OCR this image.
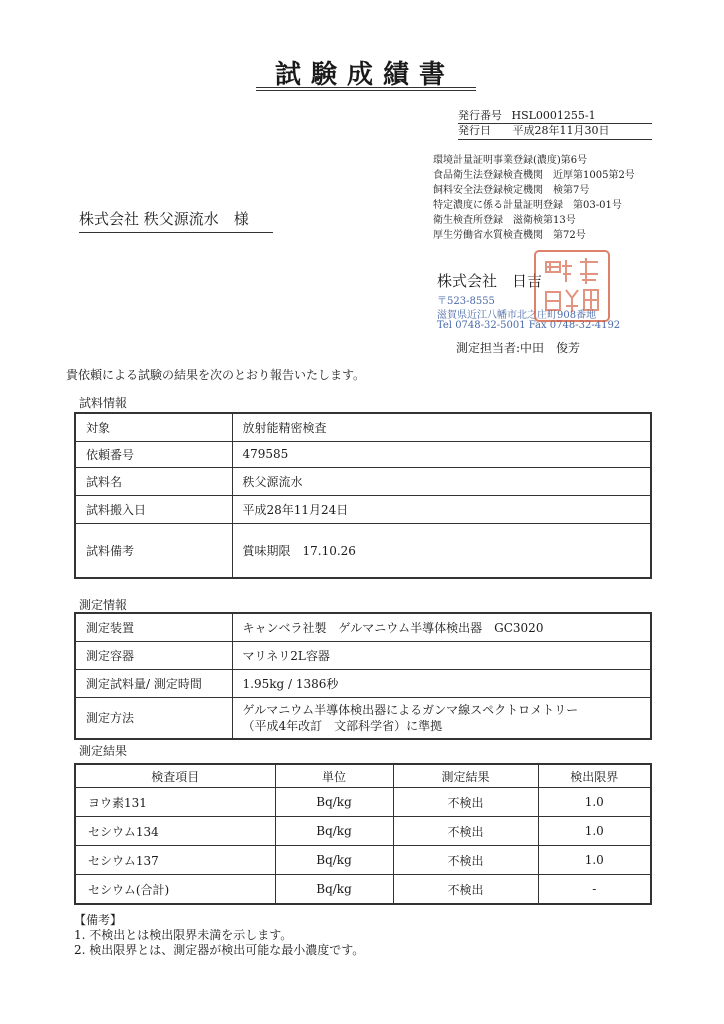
試験成績書
発行番号 HSL0001255-1
発行日 平成28年11月30日
環境計量証明事業登録(濃度)第6号
食品衛生法登録検査機関　近厚第1005第2号
飼料安全法登録検定機関　検第7号
特定濃度に係る計量証明登録　第03-01号
衛生検査所登録　滋衛検第13号
厚生労働省水質検査機関　第72号
株式会社 秩父源流水　様
株式会社　日吉
〒523-8555
滋賀県近江八幡市北之庄町908番地
Tel 0748-32-5001 Fax 0748-32-4192
測定担当者:中田　俊芳
貴依頼による試験の結果を次のとおり報告いたします。
試料情報
対象	放射能精密検査
依頼番号	479585
試料名	秩父源流水
試料搬入日	平成28年11月24日
試料備考	賞味期限　17.10.26
測定情報
測定装置	キャンベラ社製　ゲルマニウム半導体検出器　GC3020
測定容器	マリネリ2L容器
測定試料量/ 測定時間	1.95kg / 1386秒
測定方法	ゲルマニウム半導体検出器によるガンマ線スペクトロメトリー
（平成4年改訂　文部科学省）に準拠
測定結果
検査項目	単位	測定結果	検出限界
ヨウ素131	Bq/kg	不検出	1.0
セシウム134	Bq/kg	不検出	1.0
セシウム137	Bq/kg	不検出	1.0
セシウム(合計)	Bq/kg	不検出	-
【備考】
1. 不検出とは検出限界未満を示します。
2. 検出限界とは、測定器が検出可能な最小濃度です。
